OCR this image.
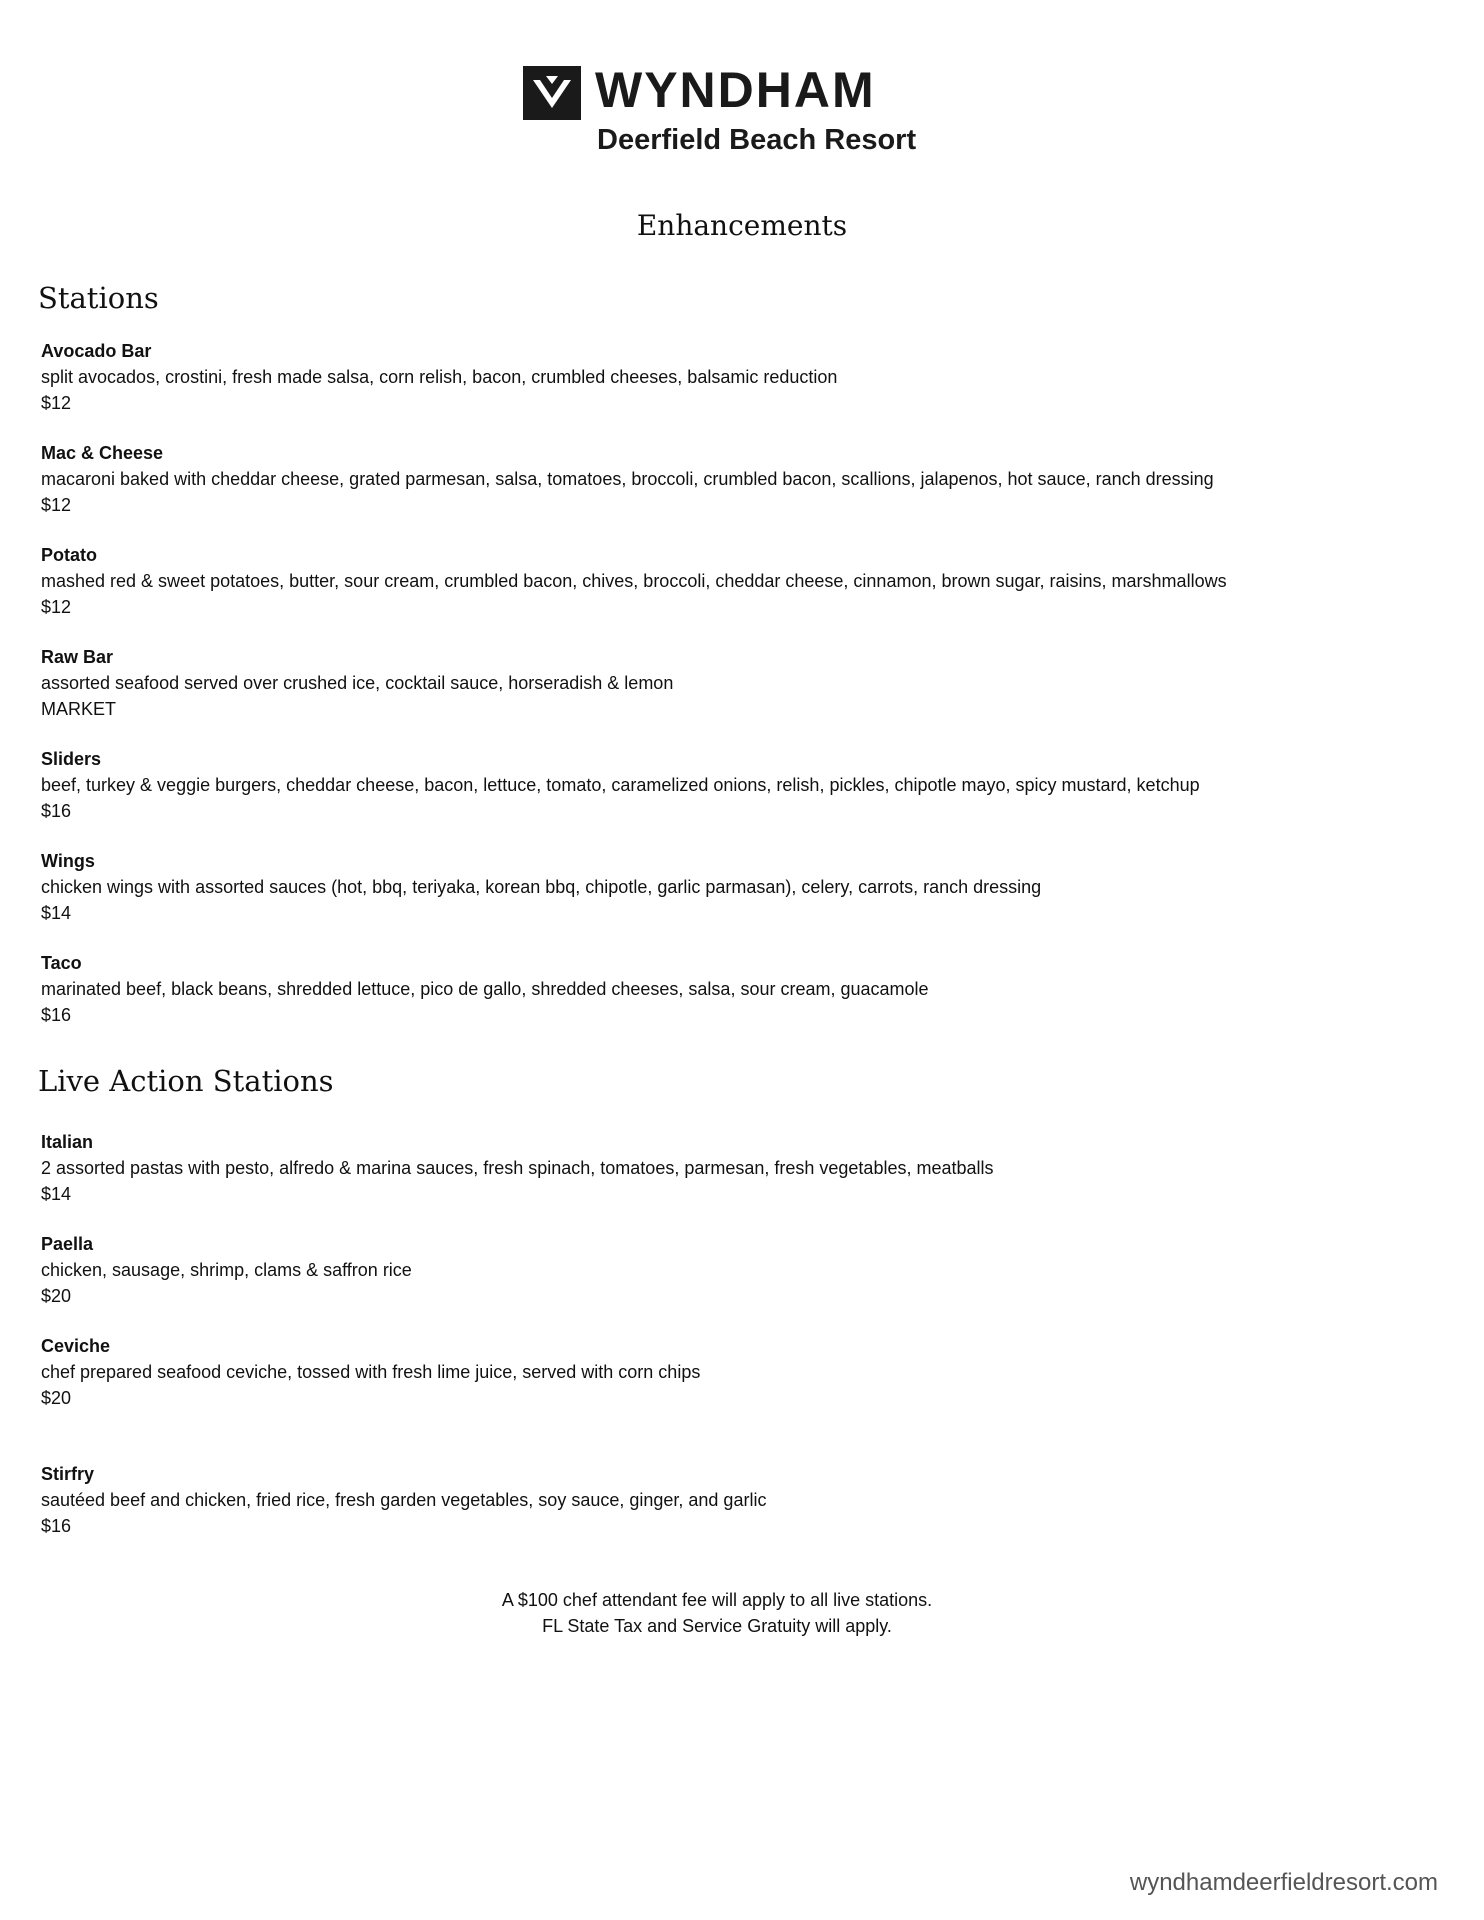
WYNDHAM
Deerfield Beach Resort
Enhancements
Stations

Avocado Bar

split avocados, crostini, fresh made salsa, corn relish, bacon, crumbled cheeses, balsamic reduction

$12

Mac & Cheese

macaroni baked with cheddar cheese, grated parmesan, salsa, tomatoes, broccoli, crumbled bacon, scallions, jalapenos, hot sauce, ranch dressing

$12

Potato

mashed red & sweet potatoes, butter, sour cream, crumbled bacon, chives, broccoli, cheddar cheese, cinnamon, brown sugar, raisins, marshmallows

$12

Raw Bar

assorted seafood served over crushed ice, cocktail sauce, horseradish & lemon

MARKET

Sliders

beef, turkey & veggie burgers, cheddar cheese, bacon, lettuce, tomato, caramelized onions, relish, pickles, chipotle mayo, spicy mustard, ketchup

$16

Wings

chicken wings with assorted sauces (hot, bbq, teriyaka, korean bbq, chipotle, garlic parmasan), celery, carrots, ranch dressing

$14

Taco

marinated beef, black beans, shredded lettuce, pico de gallo, shredded cheeses, salsa, sour cream, guacamole

$16

Live Action Stations

Italian

2 assorted pastas with pesto, alfredo & marina sauces, fresh spinach, tomatoes, parmesan, fresh vegetables, meatballs

$14

Paella

chicken, sausage, shrimp, clams & saffron rice

$20

Ceviche

chef prepared seafood ceviche, tossed with fresh lime juice, served with corn chips

$20

Stirfry

sautéed beef and chicken, fried rice, fresh garden vegetables, soy sauce, ginger, and garlic

$16

A $100 chef attendant fee will apply to all live stations.

FL State Tax and Service Gratuity will apply.

wyndhamdeerfieldresort.com
